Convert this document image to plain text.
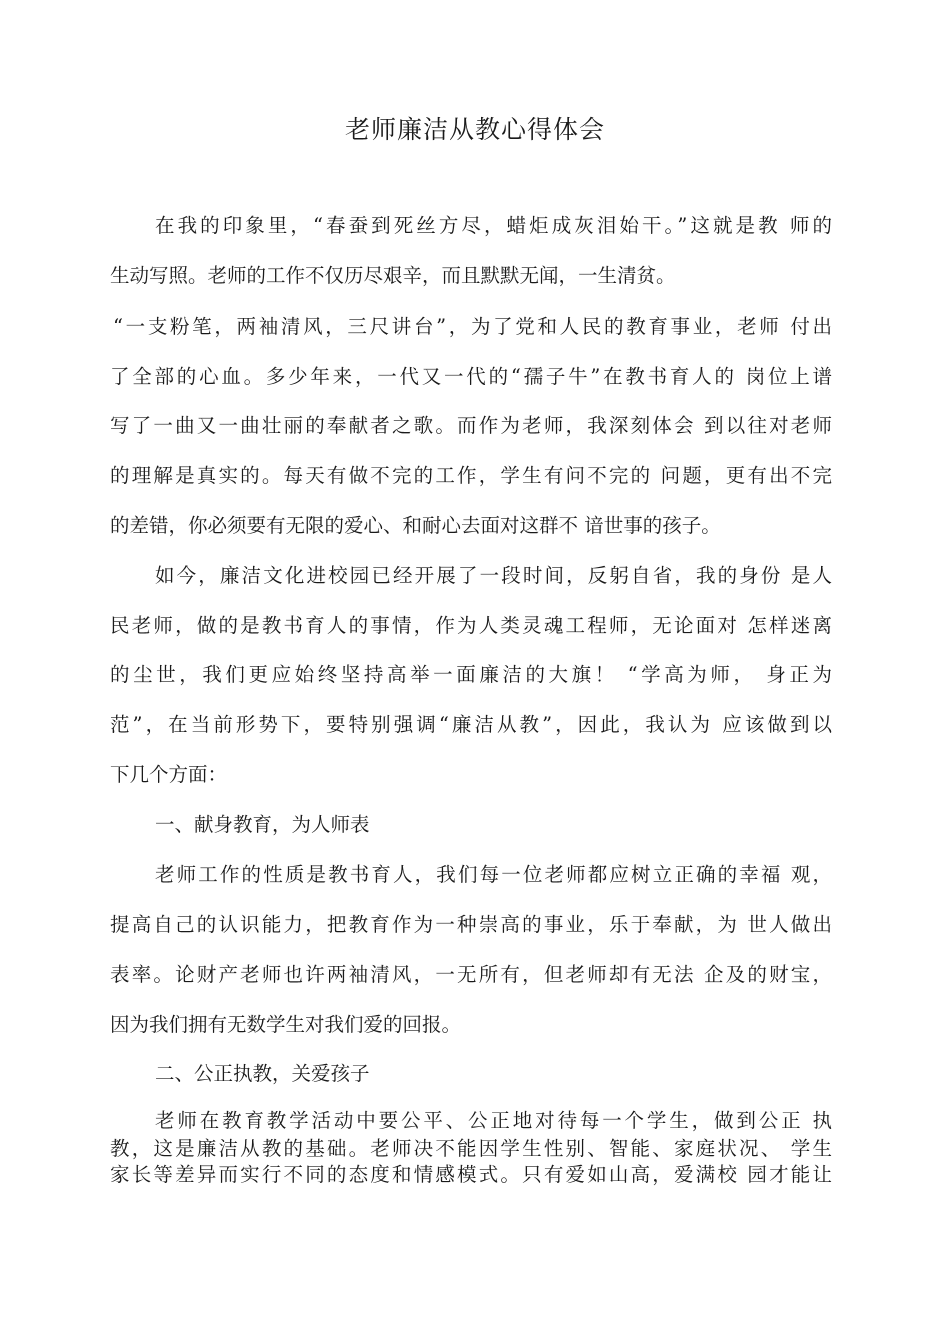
老师廉洁从教心得体会
在我的印象里，“春蚕到死丝方尽，蜡炬成灰泪始干。”这就是教 师的
生动写照。老师的工作不仅历尽艰辛，而且默默无闻，一生清贫。
“一支粉笔，两袖清风，三尺讲台”，为了党和人民的教育事业，老师 付出
了全部的心血。多少年来，一代又一代的“孺子牛”在教书育人的 岗位上谱
写了一曲又一曲壮丽的奉献者之歌。而作为老师，我深刻体会 到以往对老师
的理解是真实的。每天有做不完的工作，学生有问不完的 问题，更有出不完
的差错，你必须要有无限的爱心、和耐心去面对这群不 谙世事的孩子。
如今，廉洁文化进校园已经开展了一段时间，反躬自省，我的身份 是人
民老师，做的是教书育人的事情，作为人类灵魂工程师，无论面对 怎样迷离
的尘世，我们更应始终坚持高举一面廉洁的大旗！ “学高为师， 身正为
范”，在当前形势下，要特别强调“廉洁从教”，因此，我认为 应该做到以
下几个方面：
一、献身教育，为人师表
老师工作的性质是教书育人，我们每一位老师都应树立正确的幸福 观，
提高自己的认识能力，把教育作为一种崇高的事业，乐于奉献，为 世人做出
表率。论财产老师也许两袖清风，一无所有，但老师却有无法 企及的财宝，
因为我们拥有无数学生对我们爱的回报。
二、公正执教，关爱孩子
老师在教育教学活动中要公平、公正地对待每一个学生，做到公正 执
教，这是廉洁从教的基础。老师决不能因学生性别、智能、家庭状况、 学生
家长等差异而实行不同的态度和情感模式。只有爱如山高，爱满校 园才能让
